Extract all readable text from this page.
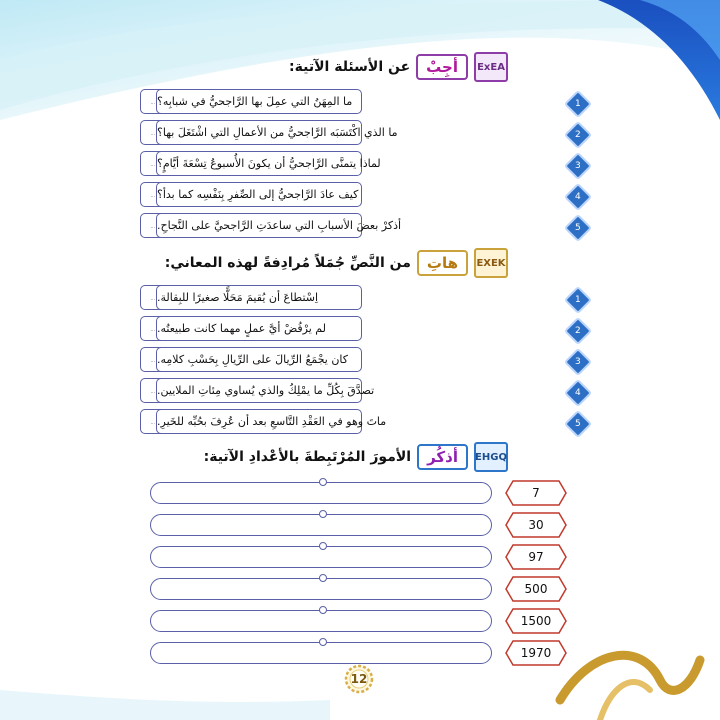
ExEA
أجِبْ
عن الأسئلة الآتية:
ما المِهَنُ التي عمِلَ بها الرَّاجحيُّ في شبابِه؟	1
ما الذي اكْتَسَبَه الرَّاجحيُّ من الأعمالِ التي اشْتَغَلَ بها؟	2
لماذا يتمنَّى الرَّاجحيُّ أن يكونَ الأُسبوعُ تِسْعَةَ أيَّامٍ؟	3
كيف عادَ الرَّاجحيُّ إلى الصِّفرِ بِنَفْسِه كما بدأ؟	4
أذكرْ بعضَ الأسبابِ التي ساعدَتِ الرَّاجحيَّ على النَّجاحِ.	5
EXEK
هاتِ
من النَّصِّ جُمَلاً مُرادِفةً لهذه المعاني:
اِسْتطاعَ أن يُقيمَ مَحَلًّا صغيرًا للبِقالة.	1
لم يرْفُضْ أيَّ عملٍ مهما كانت طبيعتُه.	2
كان يجْمَعُ الرِّيالَ على الرِّيالِ بِحَسْبِ كلامِه.	3
تصدَّقَ بِكُلِّ ما يمْلِكُ والذي يُساوي مِئاتِ الملايين.	4
ماتَ وهو في العَقْدِ التَّاسعِ بعد أن عُرِفَ بحُبِّه للخَيرِ.	5
EHGQ
أذكُر
الأمورَ المُرْتَبِطةَ بالأعْدادِ الآتية:
7
30
97
500
1500
1970
12
